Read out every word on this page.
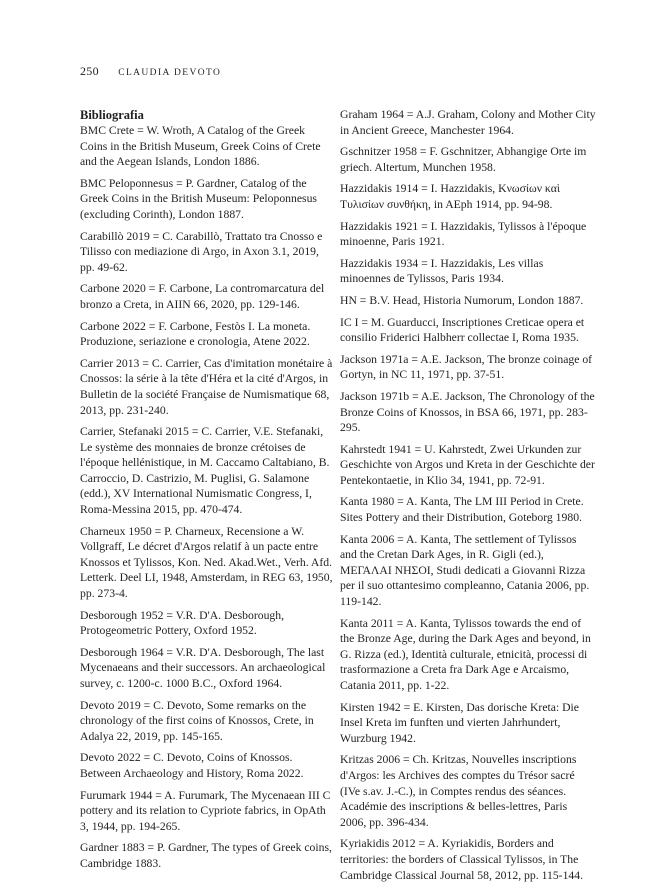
250 CLAUDIA DEVOTO
Bibliografia
BMC Crete = W. Wroth, A Catalog of the Greek Coins in the British Museum, Greek Coins of Crete and the Aegean Islands, London 1886.
BMC Peloponnesus = P. Gardner, Catalog of the Greek Coins in the British Museum: Peloponnesus (excluding Corinth), London 1887.
Carabillò 2019 = C. Carabillò, Trattato tra Cnosso e Tilisso con mediazione di Argo, in Axon 3.1, 2019, pp. 49-62.
Carbone 2020 = F. Carbone, La contromarcatura del bronzo a Creta, in AIIN 66, 2020, pp. 129-146.
Carbone 2022 = F. Carbone, Festòs I. La moneta. Produzione, seriazione e cronologia, Atene 2022.
Carrier 2013 = C. Carrier, Cas d'imitation monétaire à Cnossos: la série à la tête d'Héra et la cité d'Argos, in Bulletin de la société Française de Numismatique 68, 2013, pp. 231-240.
Carrier, Stefanaki 2015 = C. Carrier, V.E. Stefanaki, Le système des monnaies de bronze crétoises de l'époque hellénistique, in M. Caccamo Caltabiano, B. Carroccio, D. Castrizio, M. Puglisi, G. Salamone (edd.), XV International Numismatic Congress, I, Roma-Messina 2015, pp. 470-474.
Charneux 1950 = P. Charneux, Recensione a W. Vollgraff, Le décret d'Argos relatif à un pacte entre Knossos et Tylissos, Kon. Ned. Akad.Wet., Verh. Afd. Letterk. Deel LI, 1948, Amsterdam, in REG 63, 1950, pp. 273-4.
Desborough 1952 = V.R. D'A. Desborough, Protogeometric Pottery, Oxford 1952.
Desborough 1964 = V.R. D'A. Desborough, The last Mycenaeans and their successors. An archaeological survey, c. 1200-c. 1000 B.C., Oxford 1964.
Devoto 2019 = C. Devoto, Some remarks on the chronology of the first coins of Knossos, Crete, in Adalya 22, 2019, pp. 145-165.
Devoto 2022 = C. Devoto, Coins of Knossos. Between Archaeology and History, Roma 2022.
Furumark 1944 = A. Furumark, The Mycenaean III C pottery and its relation to Cypriote fabrics, in OpAth 3, 1944, pp. 194-265.
Gardner 1883 = P. Gardner, The types of Greek coins, Cambridge 1883.
Graham 1964 = A.J. Graham, Colony and Mother City in Ancient Greece, Manchester 1964.
Gschnitzer 1958 = F. Gschnitzer, Abhangige Orte im griech. Altertum, Munchen 1958.
Hazzidakis 1914 = I. Hazzidakis, Κνωσίων καὶ Τυλισίων συνθήκη, in AEph 1914, pp. 94-98.
Hazzidakis 1921 = I. Hazzidakis, Tylissos à l'époque minoenne, Paris 1921.
Hazzidakis 1934 = I. Hazzidakis, Les villas minoennes de Tylissos, Paris 1934.
HN = B.V. Head, Historia Numorum, London 1887.
IC I = M. Guarducci, Inscriptiones Creticae opera et consilio Friderici Halbherr collectae I, Roma 1935.
Jackson 1971a = A.E. Jackson, The bronze coinage of Gortyn, in NC 11, 1971, pp. 37-51.
Jackson 1971b = A.E. Jackson, The Chronology of the Bronze Coins of Knossos, in BSA 66, 1971, pp. 283-295.
Kahrstedt 1941 = U. Kahrstedt, Zwei Urkunden zur Geschichte von Argos und Kreta in der Geschichte der Pentekontaetie, in Klio 34, 1941, pp. 72-91.
Kanta 1980 = A. Kanta, The LM III Period in Crete. Sites Pottery and their Distribution, Goteborg 1980.
Kanta 2006 = A. Kanta, The settlement of Tylissos and the Cretan Dark Ages, in R. Gigli (ed.), ΜΕΓΑΛΑΙ ΝΗΣΟΙ, Studi dedicati a Giovanni Rizza per il suo ottantesimo compleanno, Catania 2006, pp. 119-142.
Kanta 2011 = A. Kanta, Tylissos towards the end of the Bronze Age, during the Dark Ages and beyond, in G. Rizza (ed.), Identità culturale, etnicità, processi di trasformazione a Creta fra Dark Age e Arcaismo, Catania 2011, pp. 1-22.
Kirsten 1942 = E. Kirsten, Das dorische Kreta: Die Insel Kreta im funften und vierten Jahrhundert, Wurzburg 1942.
Kritzas 2006 = Ch. Kritzas, Nouvelles inscriptions d'Argos: les Archives des comptes du Trésor sacré (IVe s.av. J.-C.), in Comptes rendus des séances. Académie des inscriptions & belles-lettres, Paris 2006, pp. 396-434.
Kyriakidis 2012 = A. Kyriakidis, Borders and territories: the borders of Classical Tylissos, in The Cambridge Classical Journal 58, 2012, pp. 115-144.
